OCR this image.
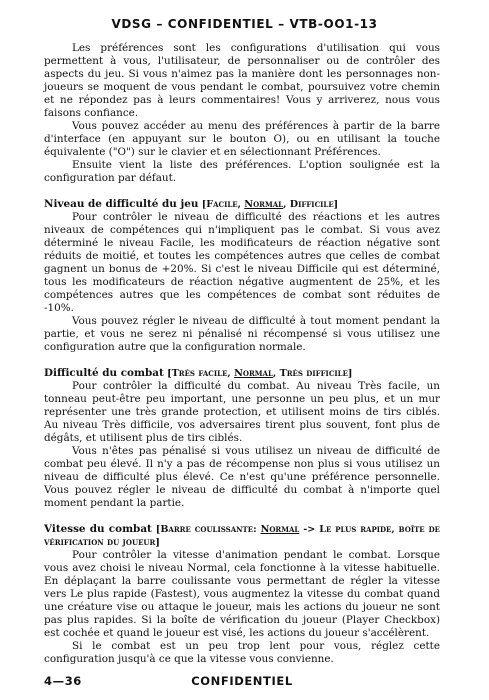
VDSG – CONFIDENTIEL – VTB-OO1-13

Les préférences sont les configurations d'utilisation qui vous permettent à vous, l'utilisateur, de personnaliser ou de contrôler des aspects du jeu. Si vous n'aimez pas la manière dont les personnages non-joueurs se moquent de vous pendant le combat, poursuivez votre chemin et ne répondez pas à leurs commentaires! Vous y arriverez, nous vous faisons confiance.

Vous pouvez accéder au menu des préférences à partir de la barre d'interface (en appuyant sur le bouton O), ou en utilisant la touche équivalente ("O") sur le clavier et en sélectionnant Préférences.

Ensuite vient la liste des préférences. L'option soulignée est la configuration par défaut.

Niveau de difficulté du jeu [Facile, Normal, Difficile]

Pour contrôler le niveau de difficulté des réactions et les autres niveaux de compétences qui n'impliquent pas le combat. Si vous avez déterminé le niveau Facile, les modificateurs de réaction négative sont réduits de moitié, et toutes les compétences autres que celles de combat gagnent un bonus de +20%. Si c'est le niveau Difficile qui est déterminé, tous les modificateurs de réaction négative augmentent de 25%, et les compétences autres que les compétences de combat sont réduites de -10%.

Vous pouvez régler le niveau de difficulté à tout moment pendant la partie, et vous ne serez ni pénalisé ni récompensé si vous utilisez une configuration autre que la configuration normale.

Difficulté du combat [Très facile, Normal, Très difficile]

Pour contrôler la difficulté du combat. Au niveau Très facile, un tonneau peut-être peu important, une personne un peu plus, et un mur représenter une très grande protection, et utilisent moins de tirs ciblés. Au niveau Très difficile, vos adversaires tirent plus souvent, font plus de dégâts, et utilisent plus de tirs ciblés.

Vous n'êtes pas pénalisé si vous utilisez un niveau de difficulté de combat peu élevé. Il n'y a pas de récompense non plus si vous utilisez un niveau de difficulté plus élevé. Ce n'est qu'une préférence personnelle. Vous pouvez régler le niveau de difficulté du combat à n'importe quel moment pendant la partie.

Vitesse du combat [Barre coulissante: Normal -> Le plus rapide, boîte de vérification du joueur]

Pour contrôler la vitesse d'animation pendant le combat. Lorsque vous avez choisi le niveau Normal, cela fonctionne à la vitesse habituelle. En déplaçant la barre coulissante vous permettant de régler la vitesse vers Le plus rapide (Fastest), vous augmentez la vitesse du combat quand une créature vise ou attaque le joueur, mais les actions du joueur ne sont pas plus rapides. Si la boîte de vérification du joueur (Player Checkbox) est cochée et quand le joueur est visé, les actions du joueur s'accélèrent.

Si le combat est un peu trop lent pour vous, réglez cette configuration jusqu'à ce que la vitesse vous convienne.

4—36	CONFIDENTIEL
